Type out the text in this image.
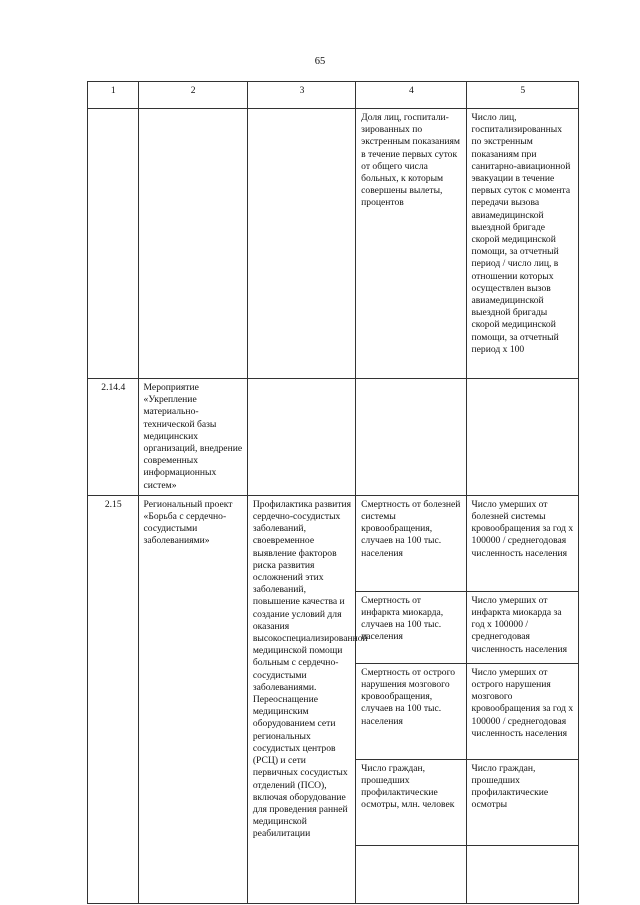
65
1	2	3	4	5
			Доля лиц, госпитали-зированных по экстренным показаниям в течение первых суток от общего числа больных, к которым совершены вылеты, процентов	Число лиц, госпитализированных по экстренным показаниям при санитарно-авиационной эвакуации в течение первых суток с момента передачи вызова авиамедицинской выездной бригаде скорой медицинской помощи, за отчетный период / число лиц, в отношении которых осуществлен вызов авиамедицинской выездной бригады скорой медицинской помощи, за отчетный период х 100
2.14.4	Мероприятие «Укрепление материально-технической базы медицинских организаций, внедрение современных информационных систем»			
2.15	Региональный проект «Борьба с сердечно-сосудистыми заболеваниями»	Профилактика развития сердечно-сосудистых заболеваний, своевременное выявление факторов риска развития осложнений этих заболеваний, повышение качества и создание условий для оказания высокоспециализированной медицинской помощи больным с сердечно-сосудистыми заболеваниями. Переоснащение медицинским оборудованием сети региональных сосудистых центров (РСЦ) и сети первичных сосудистых отделений (ПСО), включая оборудование для проведения ранней медицинской реабилитации	Смертность от болезней системы кровообращения, случаев на 100 тыс. населения	Число умерших от болезней системы кровообращения за год х 100000 / среднегодовая численность населения
			Смертность от инфаркта миокарда, случаев на 100 тыс. населения	Число умерших от инфаркта миокарда за год х 100000 / среднегодовая численность населения
			Смертность от острого нарушения мозгового кровообращения, случаев на 100 тыс. населения	Число умерших от острого нарушения мозгового кровообращения за год х 100000 / среднегодовая численность населения
			Число граждан, прошедших профилактические осмотры, млн. человек	Число граждан, прошедших профилактические осмотры
